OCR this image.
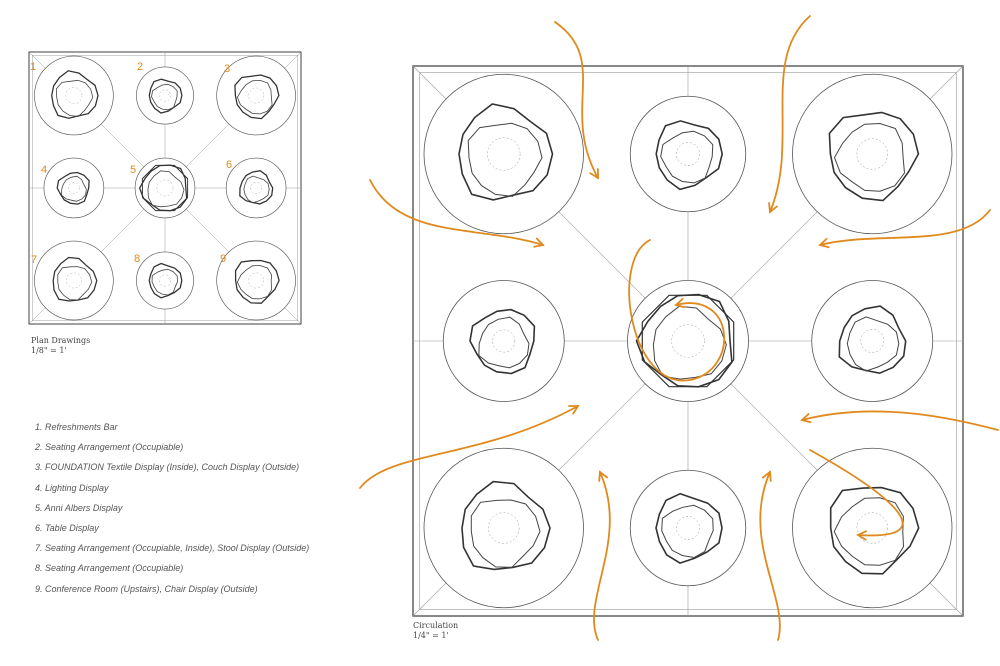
1	2	3
4	5	6
7	8	9
Plan Drawings
1/8" = 1'
1. Refreshments Bar
2. Seating Arrangement (Occupiable)
3. FOUNDATION Textile Display (Inside), Couch Display (Outside)
4. Lighting Display
5. Anni Albers Display
6. Table Display
7. Seating Arrangement (Occupiable, Inside), Stool Display (Outside)
8. Seating Arrangement (Occupiable)
9. Conference Room (Upstairs), Chair Display (Outside)
Circulation
1/4" = 1'
